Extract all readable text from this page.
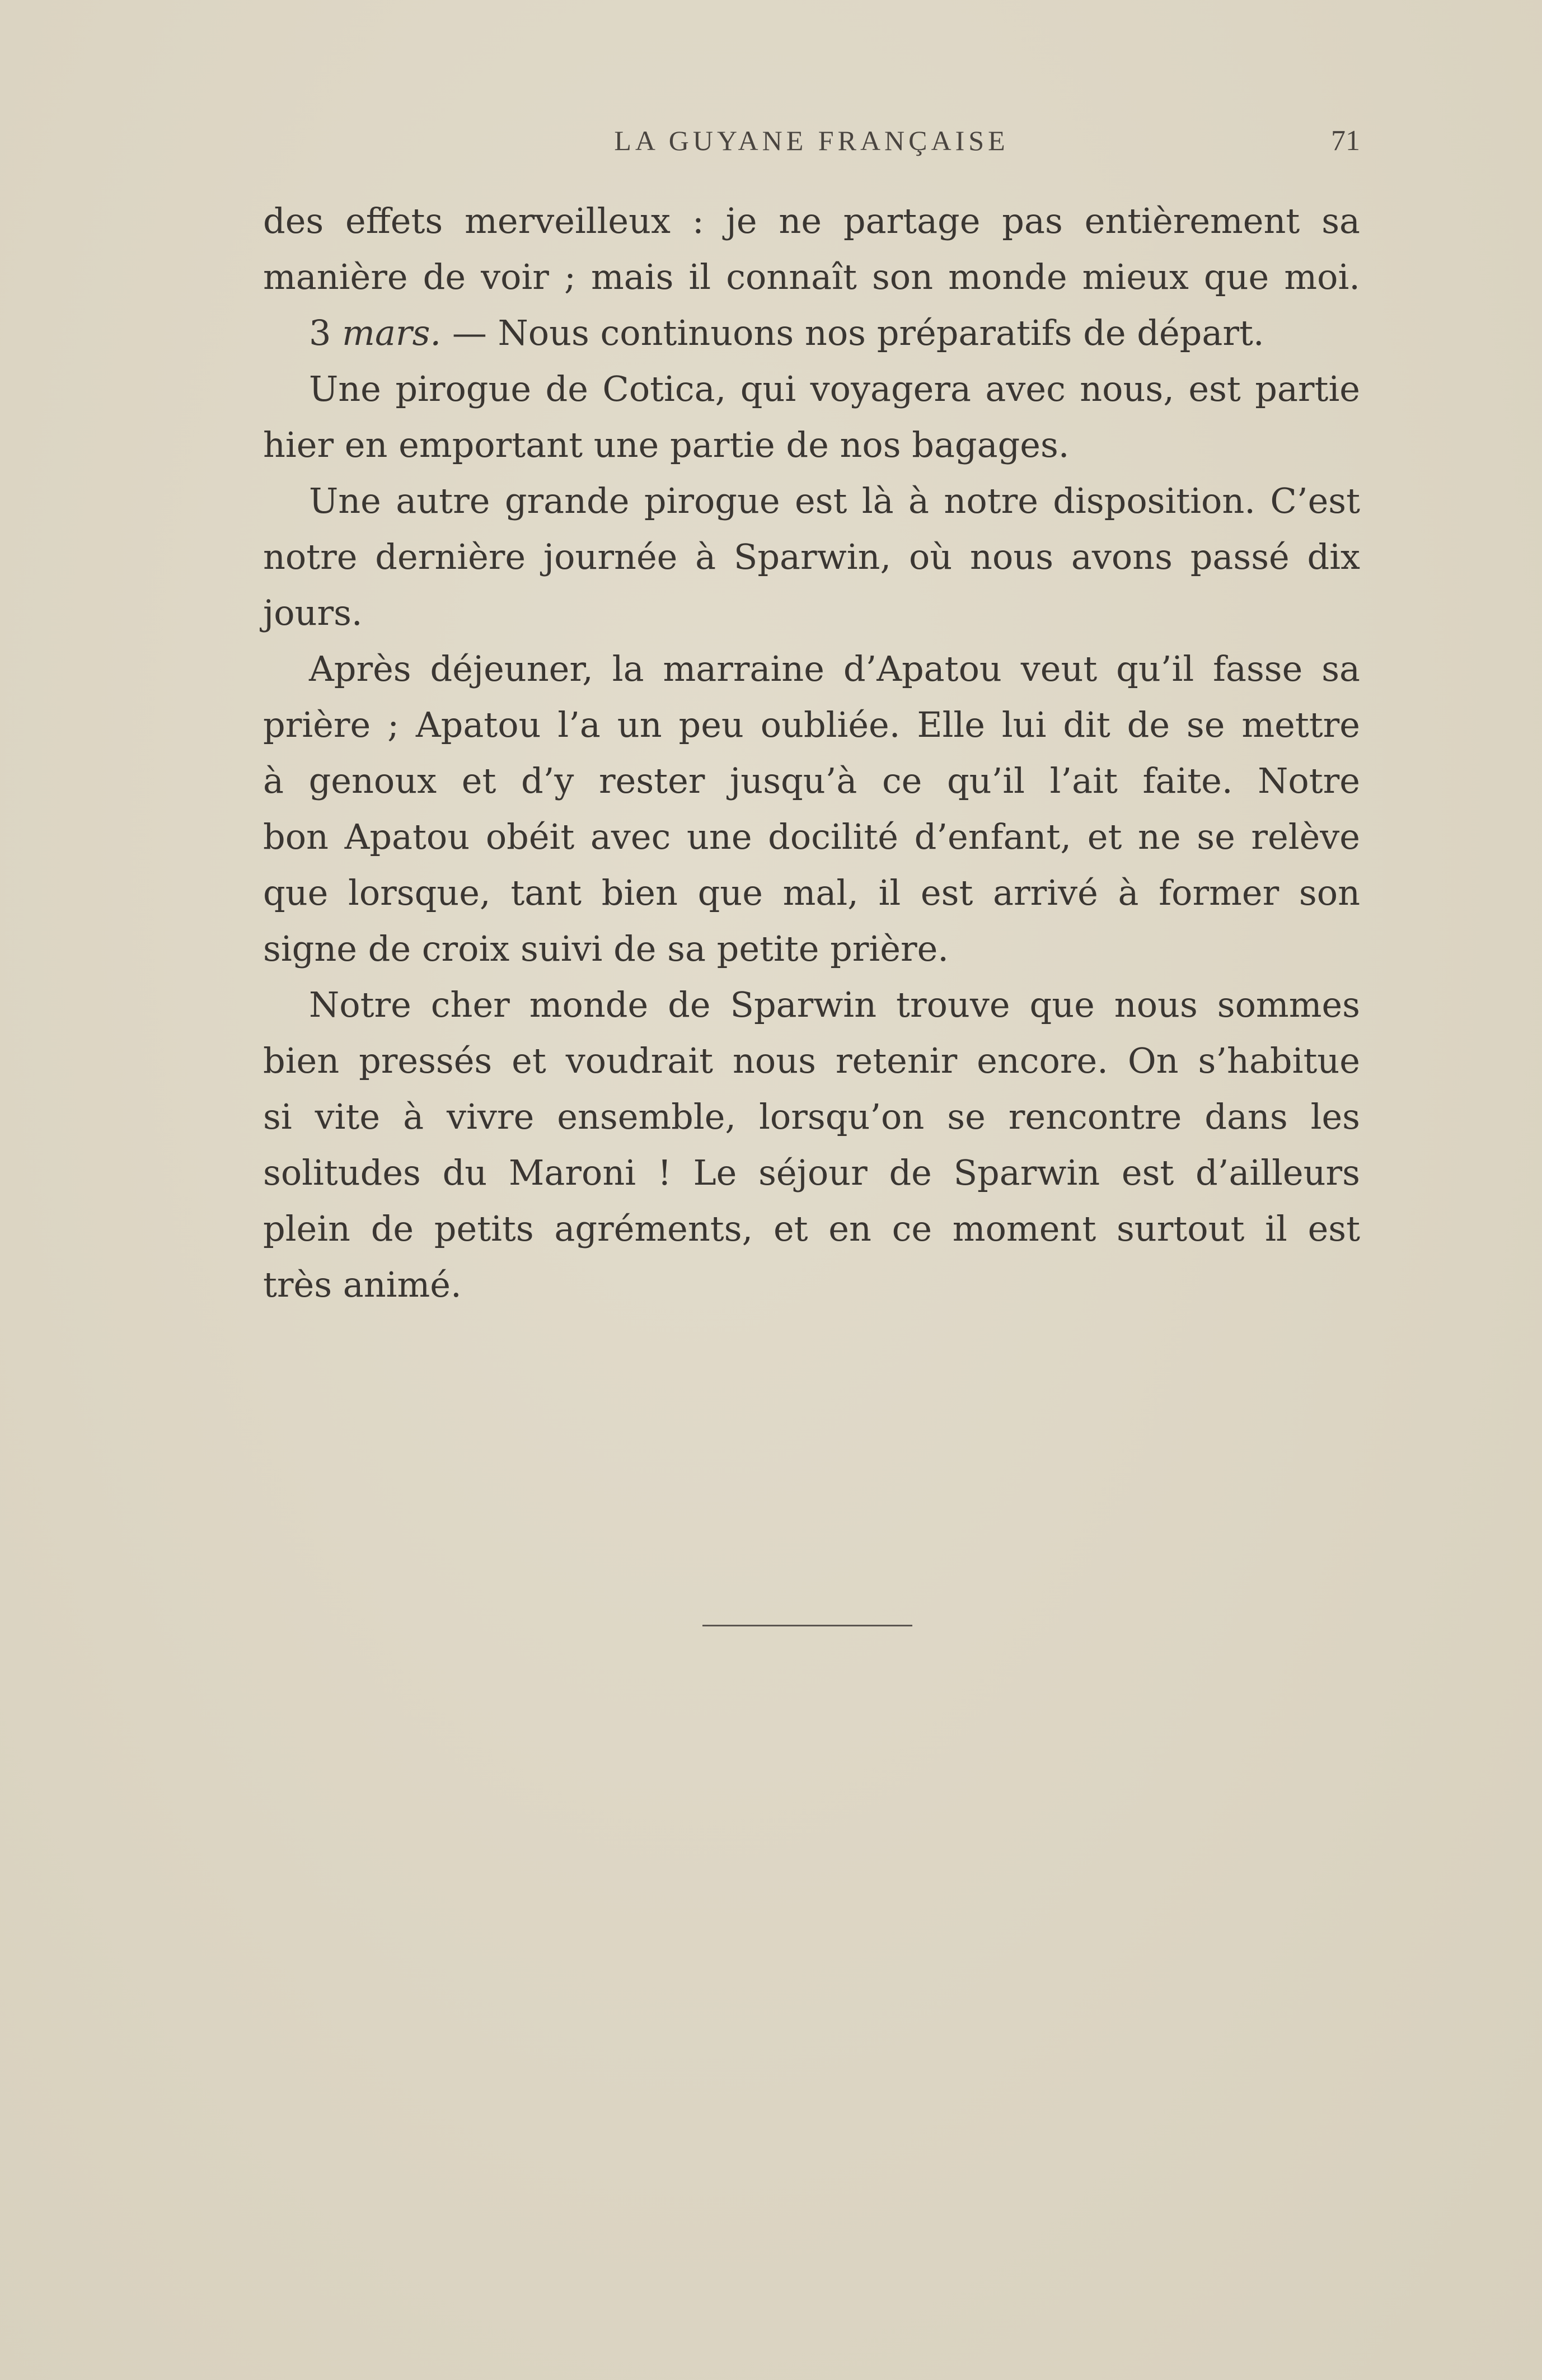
LA GUYANE FRANÇAISE	71
des effets merveilleux : je ne partage pas entièrement sa
manière de voir ; mais il connaît son monde mieux que moi.
3 mars. — Nous continuons nos préparatifs de départ.
Une pirogue de Cotica, qui voyagera avec nous, est partie
hier en emportant une partie de nos bagages.
Une autre grande pirogue est là à notre disposition. C’est
notre dernière journée à Sparwin, où nous avons passé dix
jours.
Après déjeuner, la marraine d’Apatou veut qu’il fasse sa
prière ; Apatou l’a un peu oubliée. Elle lui dit de se mettre
à genoux et d’y rester jusqu’à ce qu’il l’ait faite. Notre
bon Apatou obéit avec une docilité d’enfant, et ne se relève
que lorsque, tant bien que mal, il est arrivé à former son
signe de croix suivi de sa petite prière.
Notre cher monde de Sparwin trouve que nous sommes
bien pressés et voudrait nous retenir encore. On s’habitue
si vite à vivre ensemble, lorsqu’on se rencontre dans les
solitudes du Maroni ! Le séjour de Sparwin est d’ailleurs
plein de petits agréments, et en ce moment surtout il est
très animé.
